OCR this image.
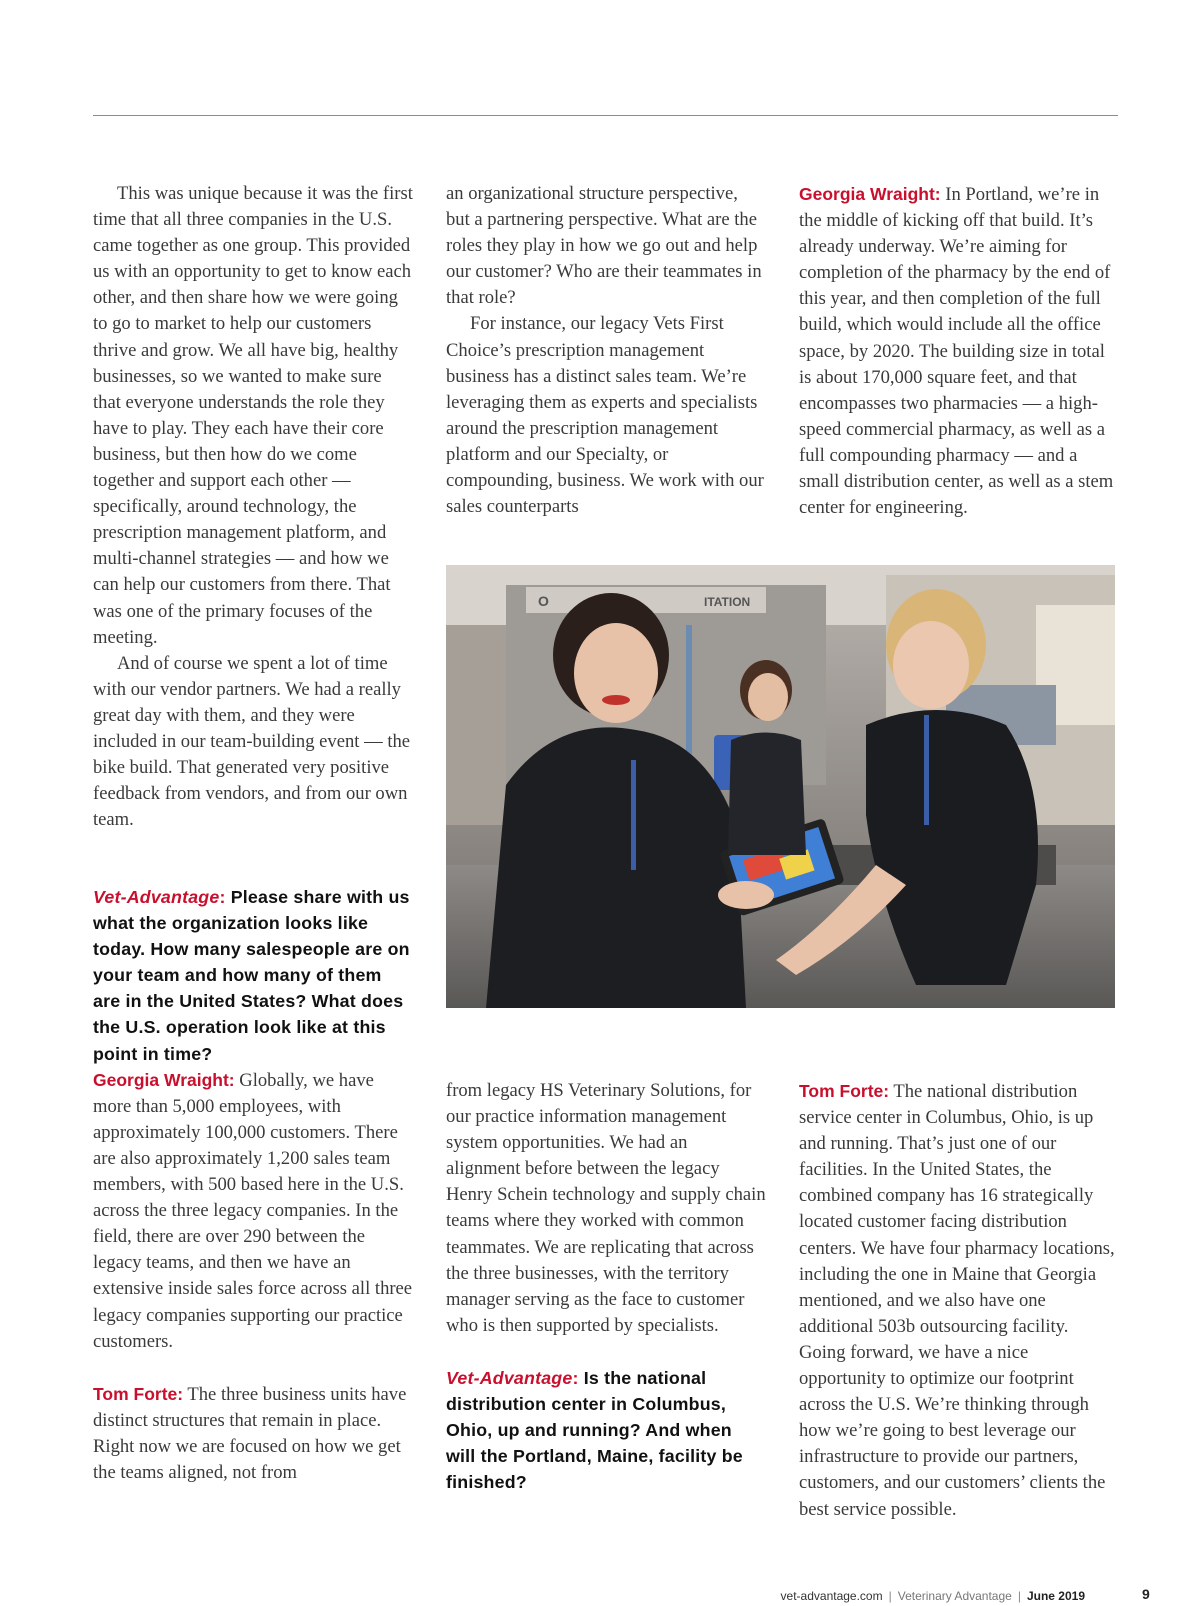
This was unique because it was the first time that all three companies in the U.S. came together as one group. This provided us with an opportunity to get to know each other, and then share how we were going to go to market to help our customers thrive and grow. We all have big, healthy businesses, so we wanted to make sure that everyone understands the role they have to play. They each have their core business, but then how do we come together and support each other — specifically, around technology, the prescription management platform, and multi-channel strategies — and how we can help our customers from there. That was one of the primary focuses of the meeting.

And of course we spent a lot of time with our vendor partners. We had a really great day with them, and they were included in our team-building event — the bike build. That generated very positive feedback from vendors, and from our own team.

Vet-Advantage: Please share with us what the organization looks like today. How many salespeople are on your team and how many of them are in the United States? What does the U.S. operation look like at this point in time?

Georgia Wraight: Globally, we have more than 5,000 employees, with approximately 100,000 customers. There are also approximately 1,200 sales team members, with 500 based here in the U.S. across the three legacy companies. In the field, there are over 290 between the legacy teams, and then we have an extensive inside sales force across all three legacy companies supporting our practice customers.

Tom Forte: The three business units have distinct structures that remain in place. Right now we are focused on how we get the teams aligned, not from

an organizational structure perspective, but a partnering perspective. What are the roles they play in how we go out and help our customer? Who are their teammates in that role?

For instance, our legacy Vets First Choice’s prescription management business has a distinct sales team. We’re leveraging them as experts and specialists around the prescription management platform and our Specialty, or compounding, business. We work with our sales counterparts

Georgia Wraight: In Portland, we’re in the middle of kicking off that build. It’s already underway. We’re aiming for completion of the pharmacy by the end of this year, and then completion of the full build, which would include all the office space, by 2020. The building size in total is about 170,000 square feet, and that encompasses two pharmacies — a high-speed commercial pharmacy, as well as a full compounding pharmacy — and a small distribution center, as well as a stem center for engineering.

O	ITATION

from legacy HS Veterinary Solutions, for our practice information management system opportunities. We had an alignment before between the legacy Henry Schein technology and supply chain teams where they worked with common teammates. We are replicating that across the three businesses, with the territory manager serving as the face to customer who is then supported by specialists.

Vet-Advantage: Is the national distribution center in Columbus, Ohio, up and running? And when will the Portland, Maine, facility be finished?

Tom Forte: The national distribution service center in Columbus, Ohio, is up and running. That’s just one of our facilities. In the United States, the combined company has 16 strategically located customer facing distribution centers. We have four pharmacy locations, including the one in Maine that Georgia mentioned, and we also have one additional 503b outsourcing facility. Going forward, we have a nice opportunity to optimize our footprint across the U.S. We’re thinking through how we’re going to best leverage our infrastructure to provide our partners, customers, and our customers’ clients the best service possible.

vet-advantage.com | Veterinary Advantage | June 2019	9
